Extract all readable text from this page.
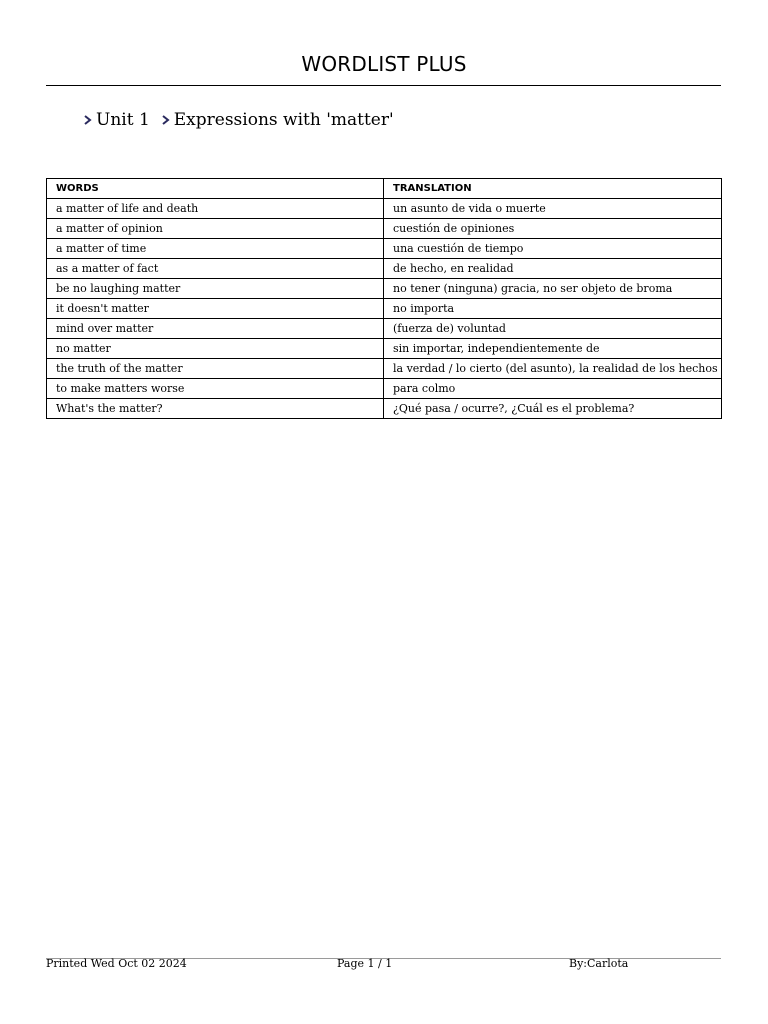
WORDLIST PLUS
Unit 1 Expressions with 'matter'
WORDS	TRANSLATION
a matter of life and death	un asunto de vida o muerte
a matter of opinion	cuestión de opiniones
a matter of time	una cuestión de tiempo
as a matter of fact	de hecho, en realidad
be no laughing matter	no tener (ninguna) gracia, no ser objeto de broma
it doesn't matter	no importa
mind over matter	(fuerza de) voluntad
no matter	sin importar, independientemente de
the truth of the matter	la verdad / lo cierto (del asunto), la realidad de los hechos
to make matters worse	para colmo
What's the matter?	¿Qué pasa / ocurre?, ¿Cuál es el problema?
Printed Wed Oct 02 2024	Page 1 / 1	By:Carlota
